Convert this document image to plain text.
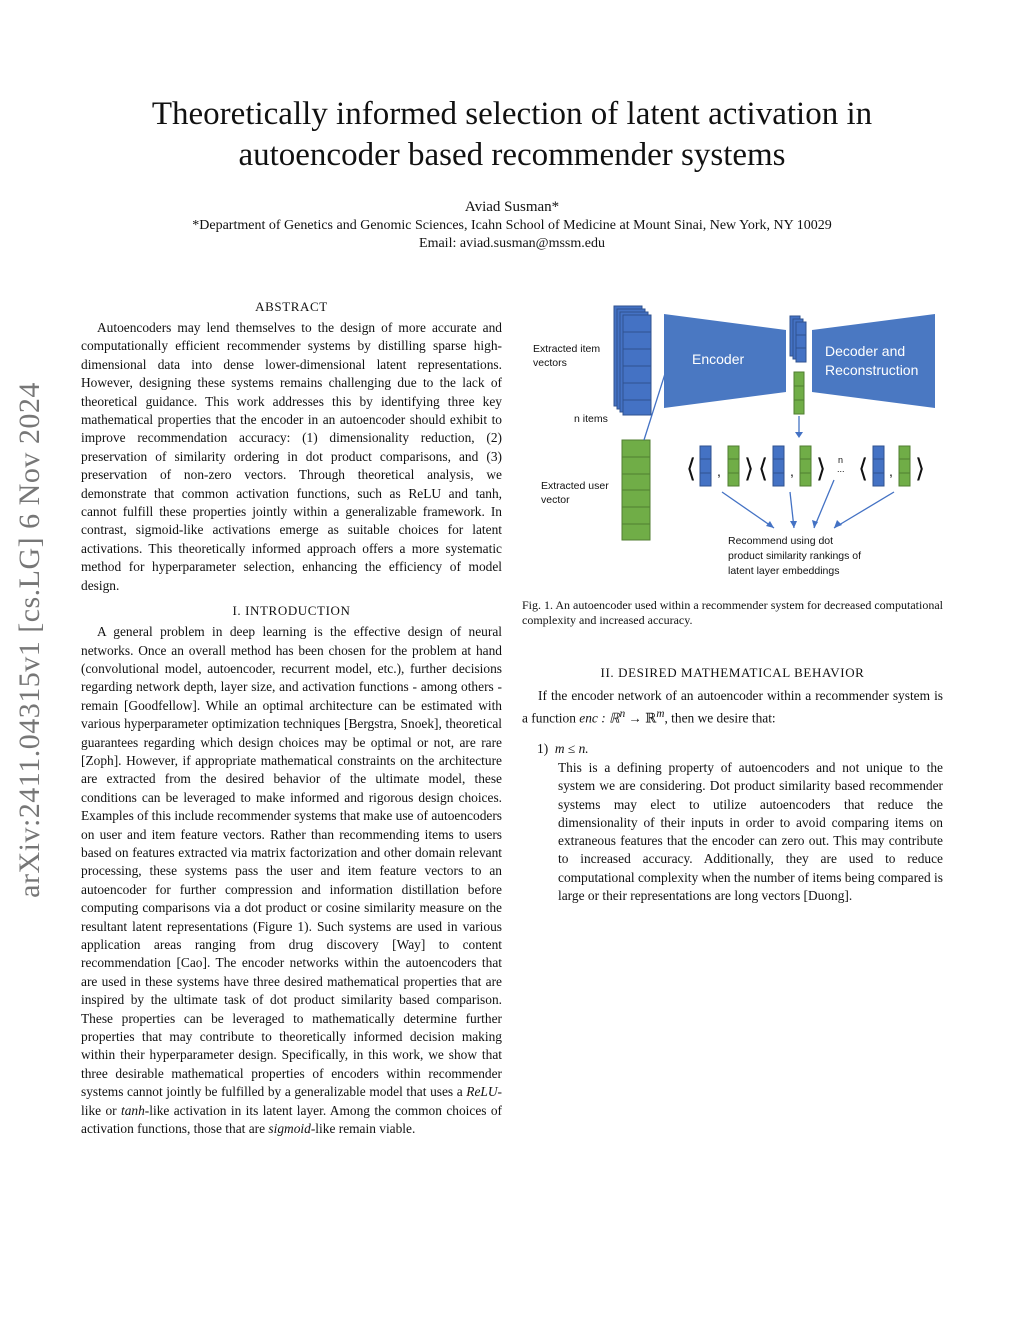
Theoretically informed selection of latent activation in
autoencoder based recommender systems
Aviad Susman*
*Department of Genetics and Genomic Sciences, Icahn School of Medicine at Mount Sinai, New York, NY 10029
Email: aviad.susman@mssm.edu
arXiv:2411.04315v1 [cs.LG] 6 Nov 2024
ABSTRACT

Autoencoders may lend themselves to the design of more accurate and computationally efficient recommender systems by distilling sparse high-dimensional data into dense lower-dimensional latent representations. However, designing these systems remains challenging due to the lack of theoretical guidance. This work addresses this by identifying three key mathematical properties that the encoder in an autoencoder should exhibit to improve recommendation accuracy: (1) dimensionality reduction, (2) preservation of similarity ordering in dot product comparisons, and (3) preservation of non-zero vectors. Through theoretical analysis, we demonstrate that common activation functions, such as ReLU and tanh, cannot fulfill these properties jointly within a generalizable framework. In contrast, sigmoid-like activations emerge as suitable choices for latent activations. This theoretically informed approach offers a more systematic method for hyperparameter selection, enhancing the efficiency of model design.

I. INTRODUCTION

A general problem in deep learning is the effective design of neural networks. Once an overall method has been chosen for the problem at hand (convolutional model, autoencoder, recurrent model, etc.), further decisions regarding network depth, layer size, and activation functions - among others - remain [Goodfellow]. While an optimal architecture can be estimated with various hyperparameter optimization techniques [Bergstra, Snoek], theoretical guarantees regarding which design choices may be optimal or not, are rare [Zoph]. However, if appropriate mathematical constraints on the architecture are extracted from the desired behavior of the ultimate model, these conditions can be leveraged to make informed and rigorous design choices. Examples of this include recommender systems that make use of autoencoders on user and item feature vectors. Rather than recommending items to users based on features extracted via matrix factorization and other domain relevant processing, these systems pass the user and item feature vectors to an autoencoder for further compression and information distillation before computing comparisons via a dot product or cosine similarity measure on the resultant latent representations (Figure 1). Such systems are used in various application areas ranging from drug discovery [Way] to content recommendation [Cao]. The encoder networks within the autoencoders that are used in these systems have three desired mathematical properties that are inspired by the ultimate task of dot product similarity based comparison. These properties can be leveraged to mathematically determine further properties that may contribute to theoretically informed decision making within their hyperparameter design. Specifically, in this work, we show that three desirable mathematical properties of encoders within recommender systems cannot jointly be fulfilled by a generalizable model that uses a ReLU-like or tanh-like activation in its latent layer. Among the common choices of activation functions, those that are sigmoid-like remain viable.

Extracted item
vectors
n items
Extracted user
vector
Encoder	Decoder and
Reconstruction
⟨ , ⟩ ⟨ , ⟩ n
... ⟨ , ⟩
Recommend using dot
product similarity rankings of
latent layer embeddings
Fig. 1. An autoencoder used within a recommender system for decreased computational complexity and increased accuracy.
II. DESIRED MATHEMATICAL BEHAVIOR

If the encoder network of an autoencoder within a recommender system is a function enc : ℝ$^n$ → ℝ$^m$, then we desire that:

1) m ≤ n.
This is a defining property of autoencoders and not unique to the system we are considering. Dot product similarity based recommender systems may elect to utilize autoencoders that reduce the dimensionality of their inputs in order to avoid comparing items on extraneous features that the encoder can zero out. This may contribute to increased accuracy. Additionally, they are used to reduce computational complexity when the number of items being compared is large or their representations are long vectors [Duong].
